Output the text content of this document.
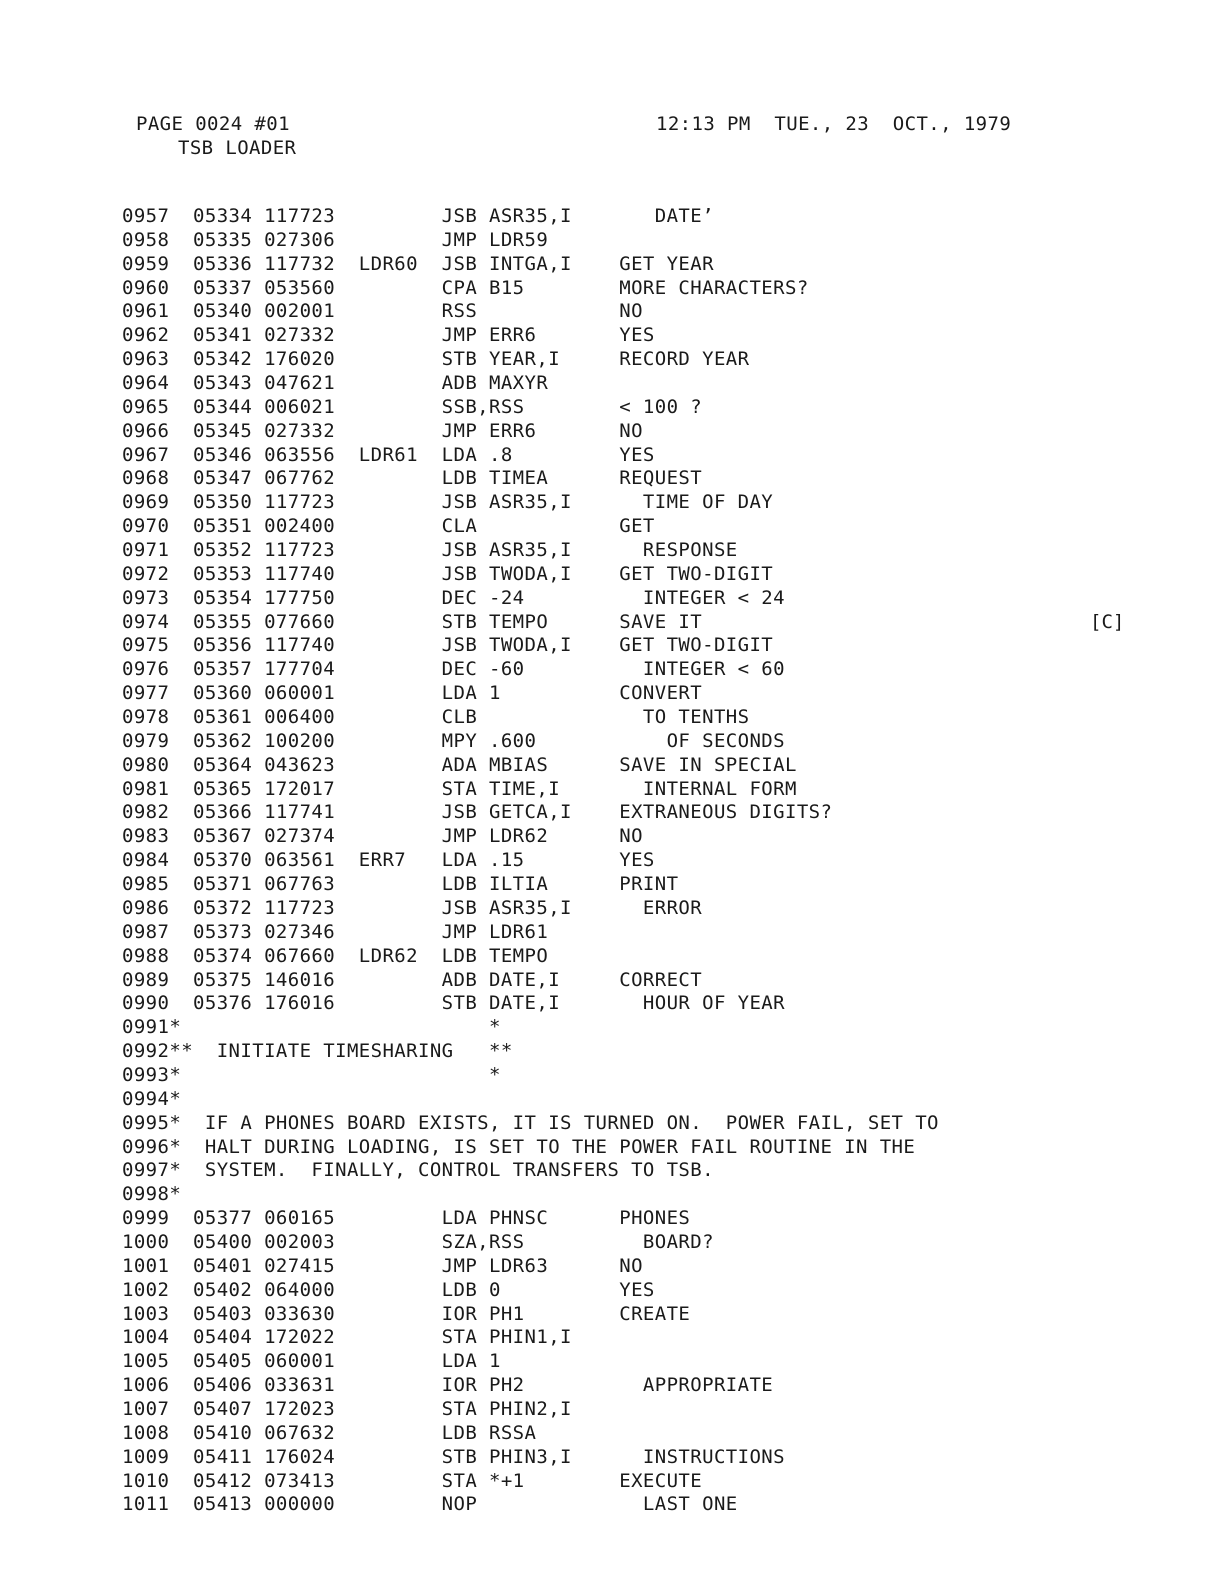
PAGE 0024 #01
TSB LOADER
12:13 PM  TUE., 23  OCT., 1979
0957  05334 117723         JSB ASR35,I       DATE’
0958  05335 027306         JMP LDR59
0959  05336 117732  LDR60  JSB INTGA,I    GET YEAR
0960  05337 053560         CPA B15        MORE CHARACTERS?
0961  05340 002001         RSS            NO
0962  05341 027332         JMP ERR6       YES
0963  05342 176020         STB YEAR,I     RECORD YEAR
0964  05343 047621         ADB MAXYR
0965  05344 006021         SSB,RSS        < 100 ?
0966  05345 027332         JMP ERR6       NO
0967  05346 063556  LDR61  LDA .8         YES
0968  05347 067762         LDB TIMEA      REQUEST
0969  05350 117723         JSB ASR35,I      TIME OF DAY
0970  05351 002400         CLA            GET
0971  05352 117723         JSB ASR35,I      RESPONSE
0972  05353 117740         JSB TWODA,I    GET TWO-DIGIT
0973  05354 177750         DEC -24          INTEGER < 24
0974  05355 077660         STB TEMPO      SAVE IT
0975  05356 117740         JSB TWODA,I    GET TWO-DIGIT
0976  05357 177704         DEC -60          INTEGER < 60
0977  05360 060001         LDA 1          CONVERT
0978  05361 006400         CLB              TO TENTHS
0979  05362 100200         MPY .600           OF SECONDS
0980  05364 043623         ADA MBIAS      SAVE IN SPECIAL
0981  05365 172017         STA TIME,I       INTERNAL FORM
0982  05366 117741         JSB GETCA,I    EXTRANEOUS DIGITS?
0983  05367 027374         JMP LDR62      NO
0984  05370 063561  ERR7   LDA .15        YES
0985  05371 067763         LDB ILTIA      PRINT
0986  05372 117723         JSB ASR35,I      ERROR
0987  05373 027346         JMP LDR61
0988  05374 067660  LDR62  LDB TEMPO
0989  05375 146016         ADB DATE,I     CORRECT
0990  05376 176016         STB DATE,I       HOUR OF YEAR
0991*                          *
0992**  INITIATE TIMESHARING   **
0993*                          *
0994*
0995*  IF A PHONES BOARD EXISTS, IT IS TURNED ON.  POWER FAIL, SET TO
0996*  HALT DURING LOADING, IS SET TO THE POWER FAIL ROUTINE IN THE
0997*  SYSTEM.  FINALLY, CONTROL TRANSFERS TO TSB.
0998*
0999  05377 060165         LDA PHNSC      PHONES
1000  05400 002003         SZA,RSS          BOARD?
1001  05401 027415         JMP LDR63      NO
1002  05402 064000         LDB 0          YES
1003  05403 033630         IOR PH1        CREATE
1004  05404 172022         STA PHIN1,I
1005  05405 060001         LDA 1
1006  05406 033631         IOR PH2          APPROPRIATE
1007  05407 172023         STA PHIN2,I
1008  05410 067632         LDB RSSA
1009  05411 176024         STB PHIN3,I      INSTRUCTIONS
1010  05412 073413         STA *+1        EXECUTE
1011  05413 000000         NOP              LAST ONE
[C]
